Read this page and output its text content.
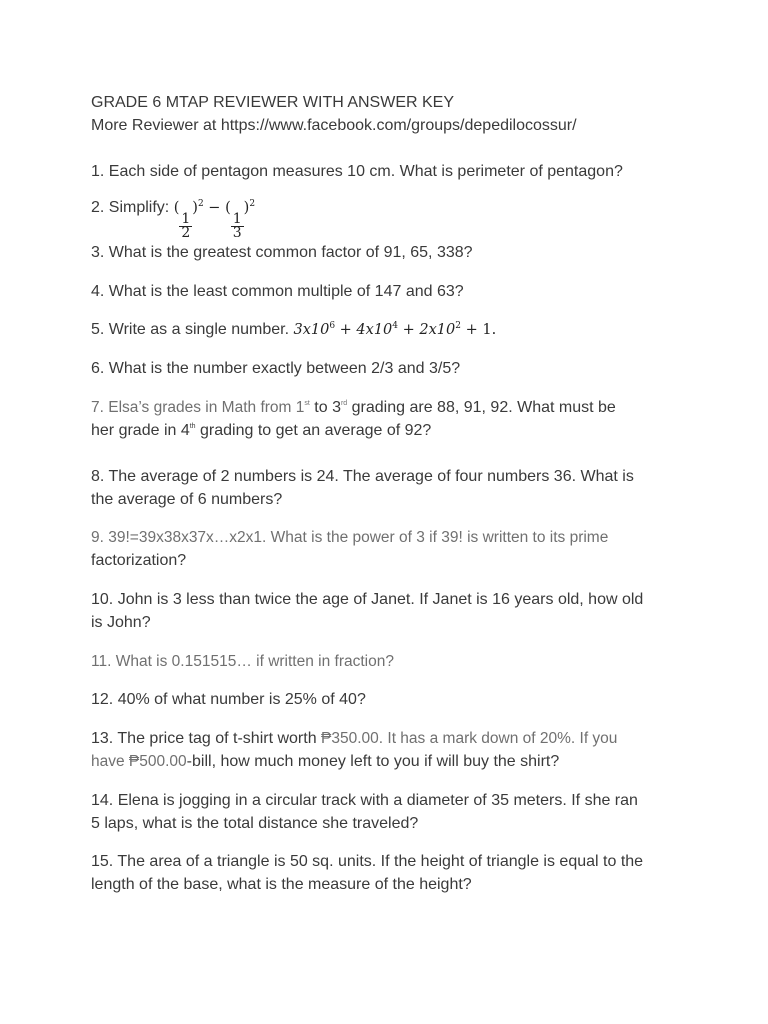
GRADE 6 MTAP REVIEWER WITH ANSWER KEY
More Reviewer at https://www.facebook.com/groups/depedilocossur/
1. Each side of pentagon measures 10 cm. What is perimeter of pentagon?
2. Simplify: (
$\frac{1}{2}$
)$^2$ − (
$\frac{1}{3}$
)$^2$
3. What is the greatest common factor of 91, 65, 338?
4. What is the least common multiple of 147 and 63?
5. Write as a single number. $3x10^6 + 4x10^4 + 2x10^2 + 1$.
6. What is the number exactly between 2/3 and 3/5?
7. Elsa’s grades in Math from 1st to 3rd grading are 88, 91, 92. What must be
her grade in 4th grading to get an average of 92?
8. The average of 2 numbers is 24. The average of four numbers 36. What is
the average of 6 numbers?
9. 39!=39x38x37x…x2x1. What is the power of 3 if 39! is written to its prime
factorization?
10. John is 3 less than twice the age of Janet. If Janet is 16 years old, how old
is John?
11. What is 0.151515… if written in fraction?
12. 40% of what number is 25% of 40?
13. The price tag of t-shirt worth ₱350.00. It has a mark down of 20%. If you
have ₱500.00-bill, how much money left to you if will buy the shirt?
14. Elena is jogging in a circular track with a diameter of 35 meters. If she ran
5 laps, what is the total distance she traveled?
15. The area of a triangle is 50 sq. units. If the height of triangle is equal to the
length of the base, what is the measure of the height?
